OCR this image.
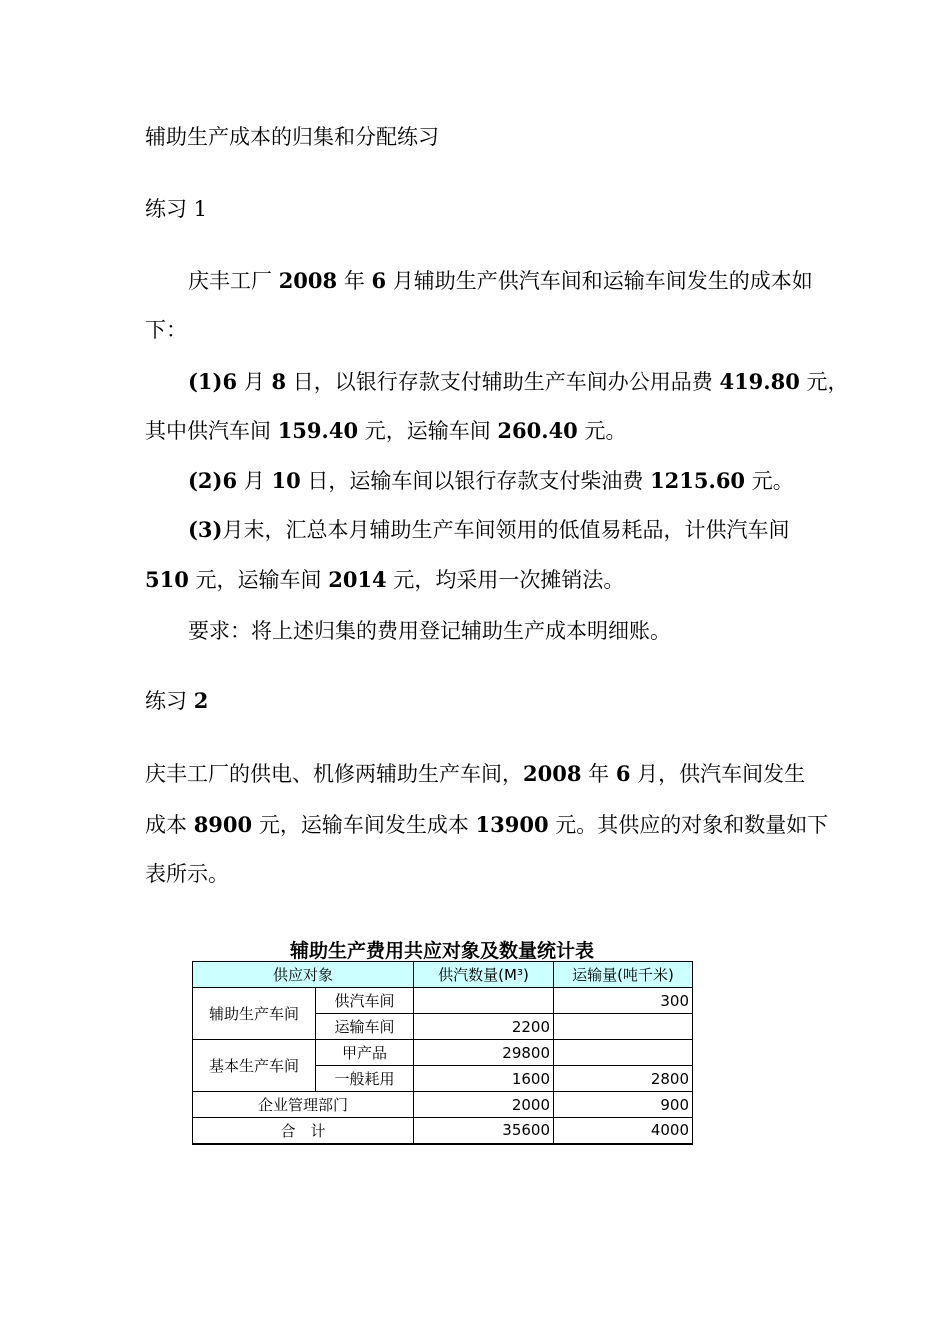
辅助生产成本的归集和分配练习
练习 1
庆丰工厂 2008 年 6 月辅助生产供汽车间和运输车间发生的成本如
下：
(1)6 月 8 日，以银行存款支付辅助生产车间办公用品费 419.80 元，
其中供汽车间 159.40 元，运输车间 260.40 元。
(2)6 月 10 日，运输车间以银行存款支付柴油费 1215.60 元。
(3)月末，汇总本月辅助生产车间领用的低值易耗品，计供汽车间
510 元，运输车间 2014 元，均采用一次摊销法。
要求：将上述归集的费用登记辅助生产成本明细账。
练习 2
庆丰工厂的供电、机修两辅助生产车间，2008 年 6 月，供汽车间发生
成本 8900 元，运输车间发生成本 13900 元。其供应的对象和数量如下
表所示。
辅助生产费用共应对象及数量统计表
供应对象		供汽数量(M³)	运输量(吨千米)
辅助生产车间	供汽车间		300
	运输车间	2200	
基本生产车间	甲产品	29800	
	一般耗用	1600	2800
企业管理部门		2000	900
合　计		35600	4000
